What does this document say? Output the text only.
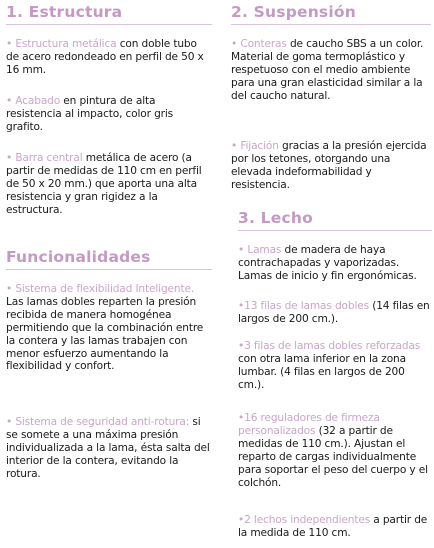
1. Estructura

• Estructura metálica con doble tubo de acero redondeado en perfil de 50 x 16 mm.

• Acabado en pintura de alta resistencia al impacto, color gris grafito.

• Barra central metálica de acero (a partir de medidas de 110 cm en perfil de 50 x 20 mm.) que aporta una alta resistencia y gran rigidez a la estructura.

Funcionalidades

• Sistema de flexibilidad Inteligente. Las lamas dobles reparten la presión recibida de manera homogénea permitiendo que la combinación entre la contera y las lamas trabajen con menor esfuerzo aumentando la flexibilidad y confort.

• Sistema de seguridad anti-rotura: si se somete a una máxima presión individualizada a la lama, ésta salta del interior de la contera, evitando la rotura.

2. Suspensión

• Conteras de caucho SBS a un color. Material de goma termoplástico y respetuoso con el medio ambiente para una gran elasticidad similar a la del caucho natural.

• Fijación gracias a la presión ejercida por los tetones, otorgando una elevada indeformabilidad y resistencia.

3. Lecho

• Lamas de madera de haya contrachapadas y vaporizadas. Lamas de inicio y fin ergonómicas.

•13 filas de lamas dobles (14 filas en largos de 200 cm.).

•3 filas de lamas dobles reforzadas con otra lama inferior en la zona lumbar. (4 filas en largos de 200 cm.).

•16 reguladores de firmeza personalizados (32 a partir de medidas de 110 cm.). Ajustan el reparto de cargas individualmente para soportar el peso del cuerpo y el colchón.

•2 lechos independientes a partir de la medida de 110 cm.
